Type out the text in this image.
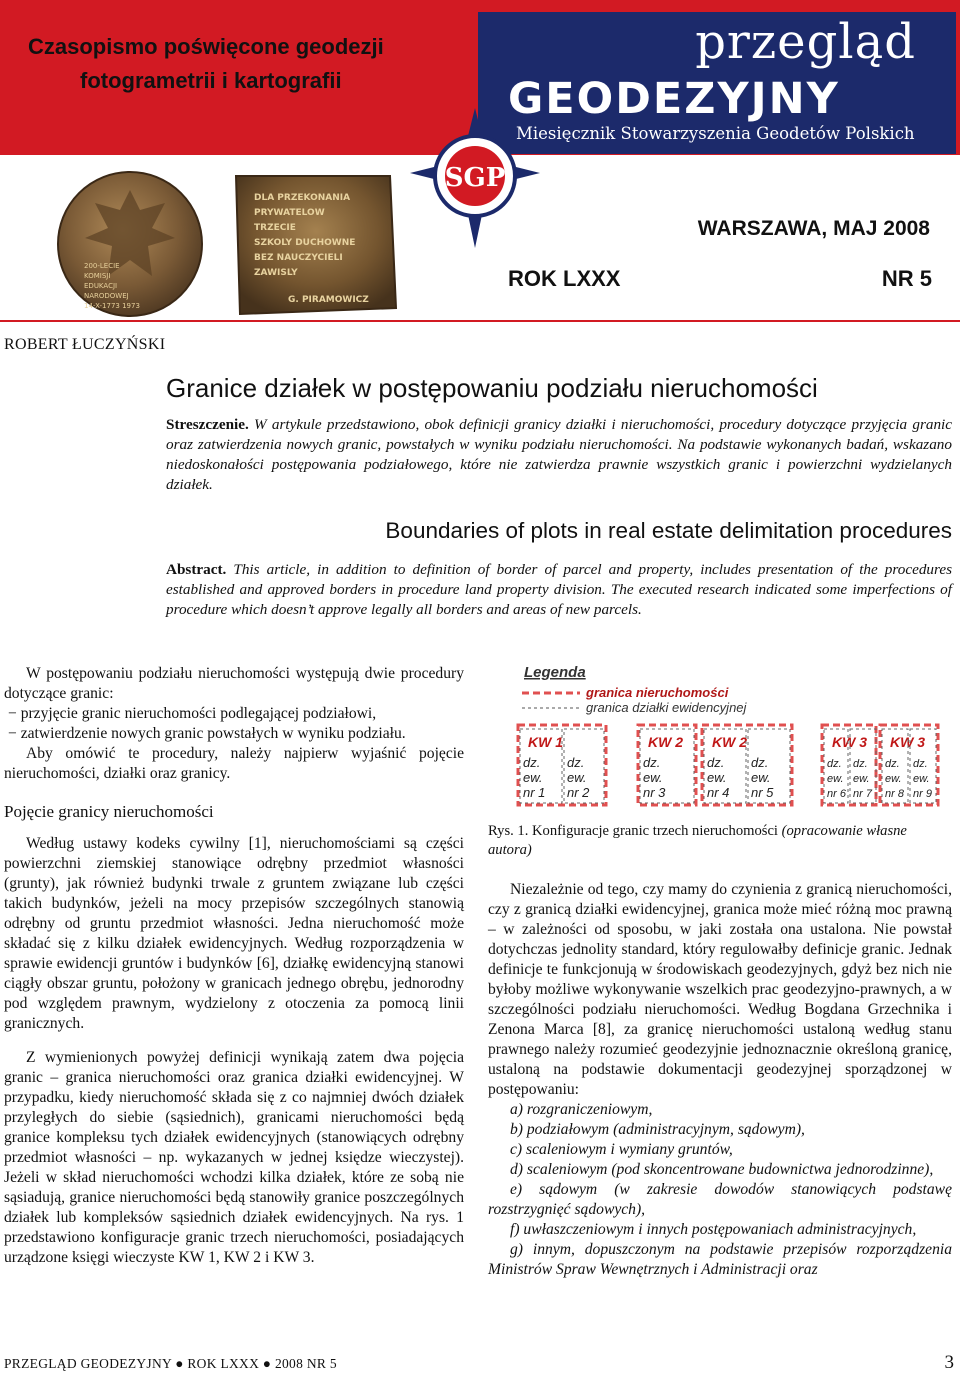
Czasopismo poświęcone geodezji
fotogrametrii i kartografii
przegląd
GEODEZYJNY
Miesięcznik Stowarzyszenia Geodetów Polskich
SGP
200-LECIE KOMISJI EDUKACJI NARODOWEJ 14-X-1773 1973
DLA PRZEKONANIA PRYWATELOW TRZECIE SZKOLY DUCHOWNE BEZ NAUCZYCIELI ZAWISLY G. PIRAMOWICZ
WARSZAWA, MAJ 2008
ROK LXXX	NR 5
ROBERT ŁUCZYŃSKI
Granice działek w postępowaniu podziału nieruchomości
Streszczenie. W artykule przedstawiono, obok definicji granicy działki i nieruchomości, procedury dotyczące przyjęcia granic oraz zatwierdzenia nowych granic, powstałych w wyniku podziału nieruchomości. Na podstawie wykonanych badań, wskazano niedoskonałości postępowania podziałowego, które nie zatwierdza prawnie wszystkich granic i powierzchni wydzielanych działek.
Boundaries of plots in real estate delimitation procedures
Abstract. This article, in addition to definition of border of parcel and property, includes presentation of the procedures established and approved borders in procedure land property division. The executed research indicated some imperfections of procedure which doesn’t approve legally all borders and areas of new parcels.

W postępowaniu podziału nieruchomości występują dwie procedury dotyczące granic:

− przyjęcie granic nieruchomości podlegającej podziałowi,

− zatwierdzenie nowych granic powstałych w wyniku podziału.

Aby omówić te procedury, należy najpierw wyjaśnić pojęcie nieruchomości, działki oraz granicy.

Pojęcie granicy nieruchomości

Według ustawy kodeks cywilny [1], nieruchomościami są części powierzchni ziemskiej stanowiące odrębny przedmiot własności (grunty), jak również budynki trwale z gruntem związane lub części takich budynków, jeżeli na mocy przepisów szczególnych stanowią odrębny od gruntu przedmiot własności. Jedna nieruchomość może składać się z kilku działek ewidencyjnych. Według rozporządzenia w sprawie ewidencji gruntów i budynków [6], działkę ewidencyjną stanowi ciągły obszar gruntu, położony w granicach jednego obrębu, jednorodny pod względem prawnym, wydzielony z otoczenia za pomocą linii granicznych.

Z wymienionych powyżej definicji wynikają zatem dwa pojęcia granic – granica nieruchomości oraz granica działki ewidencyjnej. W przypadku, kiedy nieruchomość składa się z co najmniej dwóch działek przyległych do siebie (sąsiednich), granicami nieruchomości będą granice kompleksu tych działek ewidencyjnych (stanowiących odrębny przedmiot własności – np. wykazanych w jednej księdze wieczystej). Jeżeli w skład nieruchomości wchodzi kilka działek, które ze sobą nie sąsiadują, granice nieruchomości będą stanowiły granice poszczególnych działek lub kompleksów sąsiednich działek ewidencyjnych. Na rys. 1 przedstawiono konfiguracje granic trzech nieruchomości, posiadających urządzone księgi wieczyste KW 1, KW 2 i KW 3.

Legenda
granica nieruchomości
granica działki ewidencyjnej
KW 1	KW 2 KW 2	KW 3 KW 3
dz.
ew.
nr 1
dz.
ew.
nr 2
dz.
ew.
nr 3
dz.
ew.
nr 4
dz.
ew.
nr 5
dz.
ew.
nr 6
dz.
ew.
nr 7
dz.
ew.
nr 8
dz.
ew.
nr 9
Rys. 1. Konfiguracje granic trzech nieruchomości (opracowanie własne autora)

Niezależnie od tego, czy mamy do czynienia z granicą nieruchomości, czy z granicą działki ewidencyjnej, granica może mieć różną moc prawną – w zależności od sposobu, w jaki została ona ustalona. Nie powstał dotychczas jednolity standard, który regulowałby definicje granic. Jednak definicje te funkcjonują w środowiskach geodezyjnych, gdyż bez nich nie byłoby możliwe wykonywanie wszelkich prac geodezyjno-prawnych, a w szczególności podziału nieruchomości. Według Bogdana Grzechnika i Zenona Marca [8], za granicę nieruchomości ustaloną według stanu prawnego należy rozumieć geodezyjnie jednoznacznie określoną granicę, ustaloną na podstawie dokumentacji geodezyjnej sporządzonej w postępowaniu:

a) rozgraniczeniowym,

b) podziałowym (administracyjnym, sądowym),

c) scaleniowym i wymiany gruntów,

d) scaleniowym (pod skoncentrowane budownictwa jednorodzinne),

e) sądowym (w zakresie dowodów stanowiących podstawę rozstrzygnięć sądowych),

f) uwłaszczeniowym i innych postępowaniach administracyjnych,

g) innym, dopuszczonym na podstawie przepisów rozporządzenia Ministrów Spraw Wewnętrznych i Administracji oraz

PRZEGLĄD GEODEZYJNY ● ROK LXXX ● 2008 NR 5	3
